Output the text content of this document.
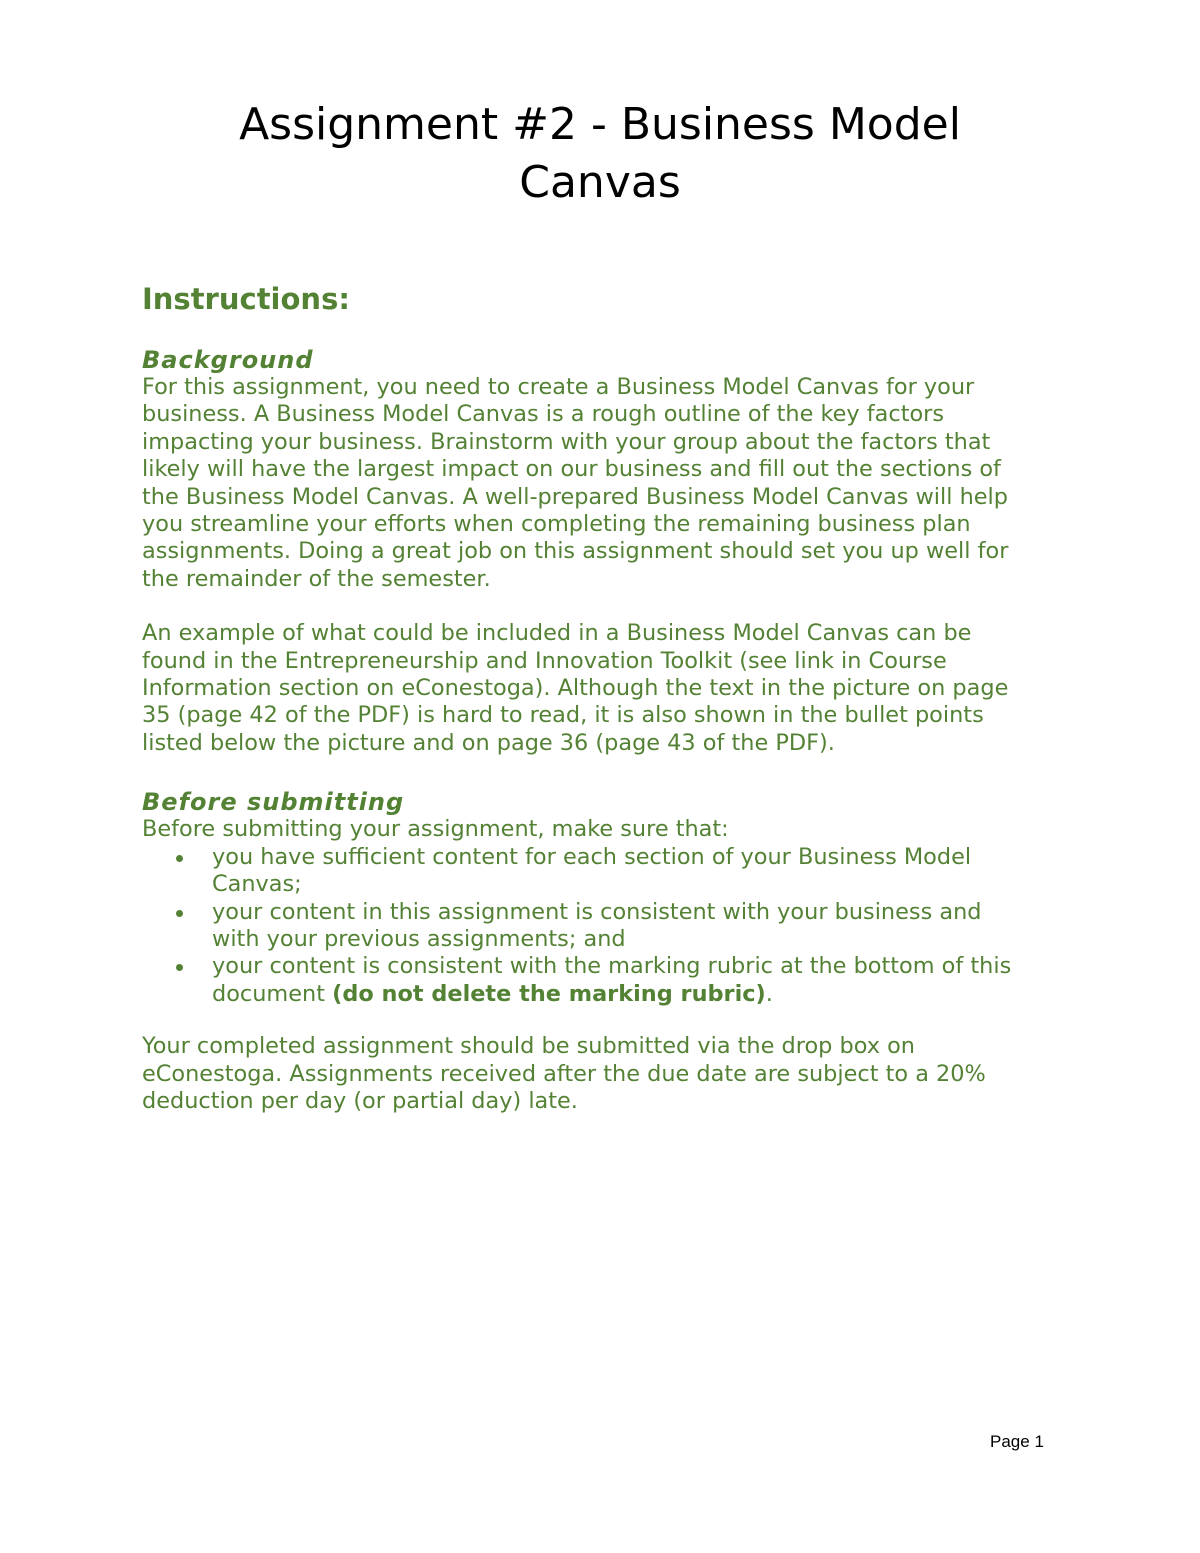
Assignment #2 - Business Model
Canvas
Instructions:
Background
For this assignment, you need to create a Business Model Canvas for your
business. A Business Model Canvas is a rough outline of the key factors
impacting your business. Brainstorm with your group about the factors that
likely will have the largest impact on our business and fill out the sections of
the Business Model Canvas. A well-prepared Business Model Canvas will help
you streamline your efforts when completing the remaining business plan
assignments. Doing a great job on this assignment should set you up well for
the remainder of the semester.
An example of what could be included in a Business Model Canvas can be
found in the Entrepreneurship and Innovation Toolkit (see link in Course
Information section on eConestoga). Although the text in the picture on page
35 (page 42 of the PDF) is hard to read, it is also shown in the bullet points
listed below the picture and on page 36 (page 43 of the PDF).
Before submitting
Before submitting your assignment, make sure that:
you have sufficient content for each section of your Business Model
Canvas;
your content in this assignment is consistent with your business and
with your previous assignments; and
your content is consistent with the marking rubric at the bottom of this
document (do not delete the marking rubric).
Your completed assignment should be submitted via the drop box on
eConestoga. Assignments received after the due date are subject to a 20%
deduction per day (or partial day) late.
Page 1
